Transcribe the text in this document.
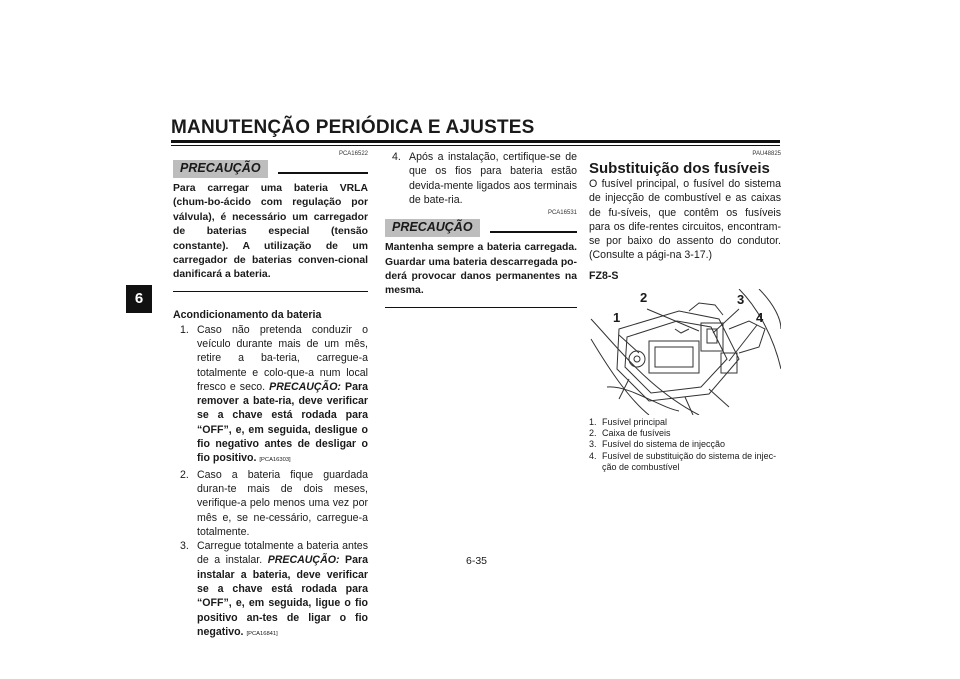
MANUTENÇÃO PERIÓDICA E AJUSTES
6
PCA16522
PRECAUÇÃO
Para carregar uma bateria VRLA (chum-bo-ácido com regulação por válvula), é necessário um carregador de baterias especial (tensão constante). A utilização de um carregador de baterias conven-cional danificará a bateria.
Acondicionamento da bateria
1. Caso não pretenda conduzir o veículo durante mais de um mês, retire a ba-teria, carregue-a totalmente e colo-que-a num local fresco e seco. PRECAUÇÃO: Para remover a bate-ria, deve verificar se a chave está rodada para “OFF”, e, em seguida, desligue o fio negativo antes de desligar o fio positivo. [PCA16303]
2. Caso a bateria fique guardada duran-te mais de dois meses, verifique-a pelo menos uma vez por mês e, se ne-cessário, carregue-a totalmente.
3. Carregue totalmente a bateria antes de a instalar. PRECAUÇÃO: Para instalar a bateria, deve verificar se a chave está rodada para “OFF”, e, em seguida, ligue o fio positivo an-tes de ligar o fio negativo. [PCA16841]
4. Após a instalação, certifique-se de que os fios para bateria estão devida-mente ligados aos terminais de bate-ria.
PCA16531
PRECAUÇÃO
Mantenha sempre a bateria carregada. Guardar uma bateria descarregada po-derá provocar danos permanentes na mesma.
PAU48825
Substituição dos fusíveis
O fusível principal, o fusível do sistema de injecção de combustível e as caixas de fu-síveis, que contêm os fusíveis para os dife-rentes circuitos, encontram-se por baixo do assento do condutor. (Consulte a pági-na 3-17.)
FZ8-S
1
2	3
4
1. Fusível principal
2. Caixa de fusíveis
3. Fusível do sistema de injecção
4. Fusível de substituição do sistema de injec-ção de combustível
6-35
